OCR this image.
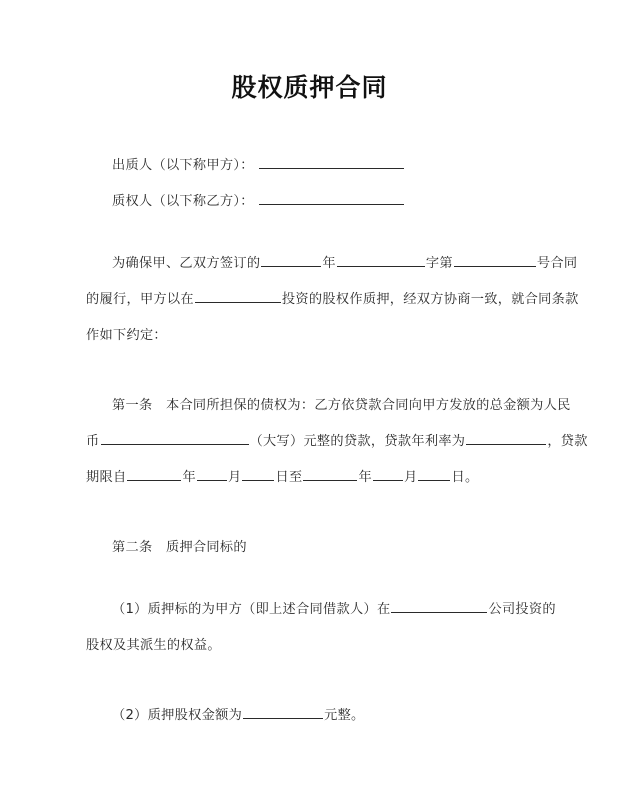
股权质押合同
出质人（以下称甲方）：
质权人（以下称乙方）：
为确保甲、乙双方签订的	年	字第	号合同
的履行，甲方以在	投资的股权作质押，经双方协商一致，就合同条款
作如下约定：
第一条 本合同所担保的债权为：乙方依贷款合同向甲方发放的总金额为人民
币	（大写）元整的贷款，贷款年利率为	，贷款
期限自	年 月	日至	年 月	日。
第二条 质押合同标的
（1）质押标的为甲方（即上述合同借款人）在	公司投资的
股权及其派生的权益。
（2）质押股权金额为	元整。
